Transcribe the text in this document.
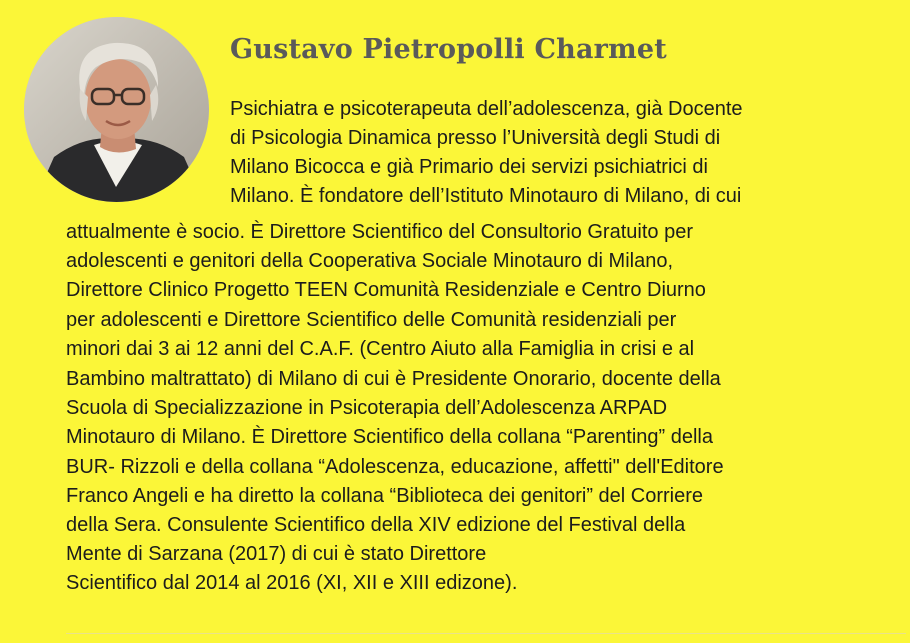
Gustavo Pietropolli Charmet
Psichiatra e psicoterapeuta dell’adolescenza, già Docente
di Psicologia Dinamica presso l’Università degli Studi di
Milano Bicocca e già Primario dei servizi psichiatrici di
Milano. È fondatore dell’Istituto Minotauro di Milano, di cui
attualmente è socio. È Direttore Scientifico del Consultorio Gratuito per
adolescenti e genitori della Cooperativa Sociale Minotauro di Milano,
Direttore Clinico Progetto TEEN Comunità Residenziale e Centro Diurno
per adolescenti e Direttore Scientifico delle Comunità residenziali per
minori dai 3 ai 12 anni del C.A.F. (Centro Aiuto alla Famiglia in crisi e al
Bambino maltrattato) di Milano di cui è Presidente Onorario, docente della
Scuola di Specializzazione in Psicoterapia dell’Adolescenza ARPAD
Minotauro di Milano. È Direttore Scientifico della collana “Parenting” della
BUR- Rizzoli e della collana “Adolescenza, educazione, affetti" dell'Editore
Franco Angeli e ha diretto la collana “Biblioteca dei genitori” del Corriere
della Sera. Consulente Scientifico della XIV edizione del Festival della
Mente di Sarzana (2017) di cui è stato Direttore
Scientifico dal 2014 al 2016 (XI, XII e XIII edizone).
